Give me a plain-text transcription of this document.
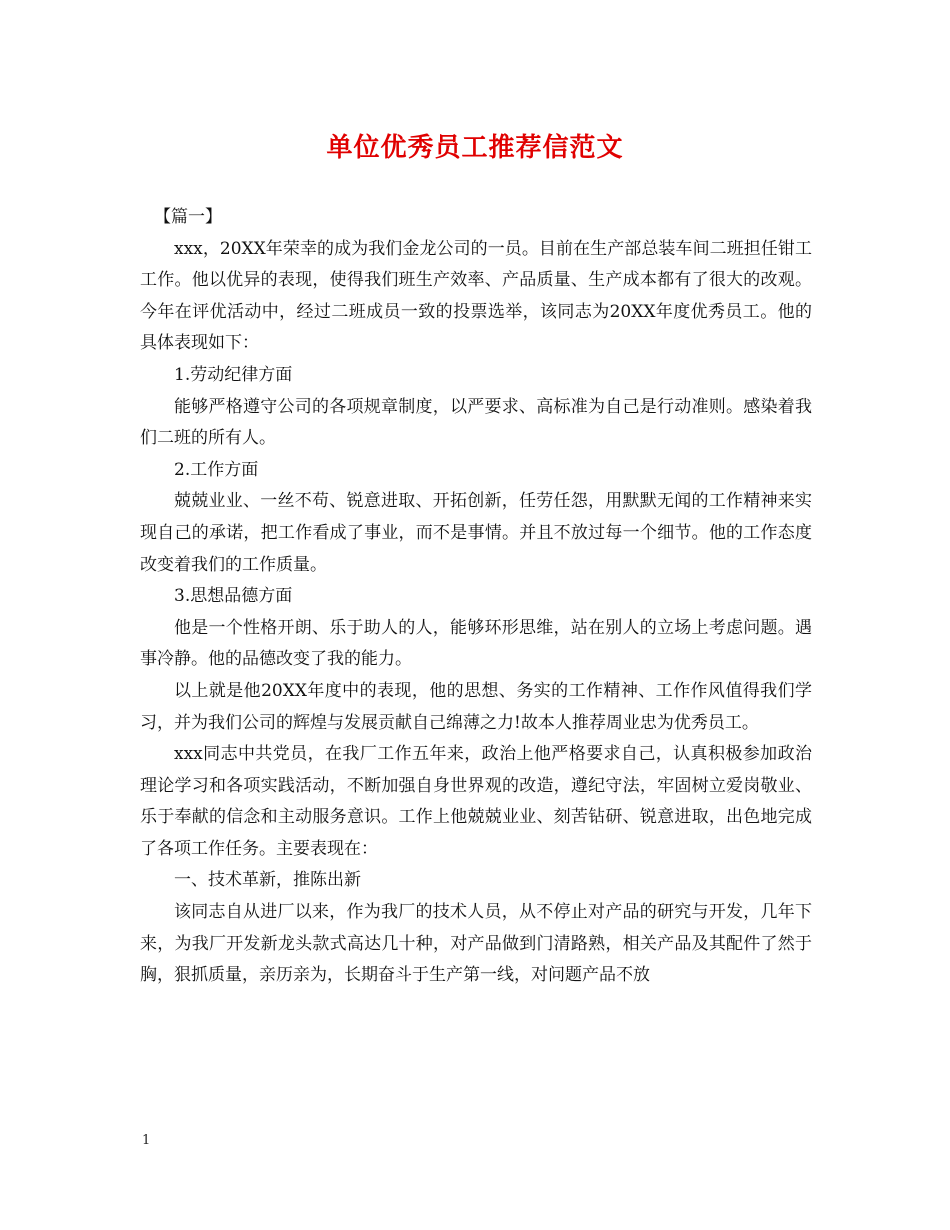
单位优秀员工推荐信范文

【篇一】

xxx，20XX年荣幸的成为我们金龙公司的一员。目前在生产部总装车间二班担任钳工工作。他以优异的表现，使得我们班生产效率、产品质量、生产成本都有了很大的改观。今年在评优活动中，经过二班成员一致的投票选举，该同志为20XX年度优秀员工。他的具体表现如下：

1.劳动纪律方面

能够严格遵守公司的各项规章制度，以严要求、高标准为自己是行动准则。感染着我们二班的所有人。

2.工作方面

兢兢业业、一丝不苟、锐意进取、开拓创新，任劳任怨，用默默无闻的工作精神来实现自己的承诺，把工作看成了事业，而不是事情。并且不放过每一个细节。他的工作态度改变着我们的工作质量。

3.思想品德方面

他是一个性格开朗、乐于助人的人，能够环形思维，站在别人的立场上考虑问题。遇事冷静。他的品德改变了我的能力。

以上就是他20XX年度中的表现，他的思想、务实的工作精神、工作作风值得我们学习，并为我们公司的辉煌与发展贡献自己绵薄之力!故本人推荐周业忠为优秀员工。

xxx同志中共党员，在我厂工作五年来，政治上他严格要求自己，认真积极参加政治理论学习和各项实践活动，不断加强自身世界观的改造，遵纪守法，牢固树立爱岗敬业、乐于奉献的信念和主动服务意识。工作上他兢兢业业、刻苦钻研、锐意进取，出色地完成了各项工作任务。主要表现在：

一、技术革新，推陈出新

该同志自从进厂以来，作为我厂的技术人员，从不停止对产品的研究与开发，几年下来，为我厂开发新龙头款式高达几十种，对产品做到门清路熟，相关产品及其配件了然于胸，狠抓质量，亲历亲为，长期奋斗于生产第一线，对问题产品不放

1
